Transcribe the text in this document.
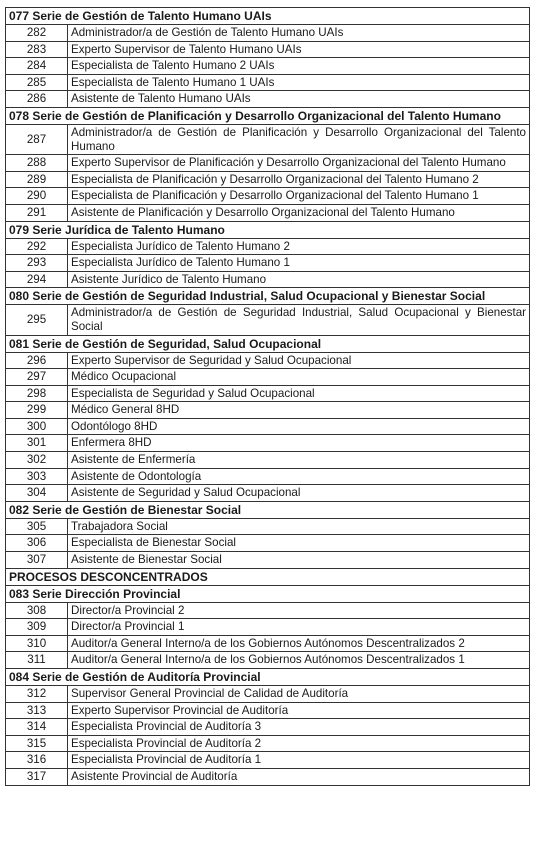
077 Serie de Gestión de Talento Humano UAIs	
282	Administrador/a de Gestión de Talento Humano UAIs
283	Experto Supervisor de Talento Humano UAIs
284	Especialista de Talento Humano 2 UAIs
285	Especialista de Talento Humano 1 UAIs
286	Asistente de Talento Humano UAIs
078 Serie de Gestión de Planificación y Desarrollo Organizacional del Talento Humano	
287	Administrador/a de Gestión de Planificación y Desarrollo Organizacional del Talento Humano
288	Experto Supervisor de Planificación y Desarrollo Organizacional del Talento Humano
289	Especialista de Planificación y Desarrollo Organizacional del Talento Humano 2
290	Especialista de Planificación y Desarrollo Organizacional del Talento Humano 1
291	Asistente de Planificación y Desarrollo Organizacional del Talento Humano
079 Serie Jurídica de Talento Humano	
292	Especialista Jurídico de Talento Humano 2
293	Especialista Jurídico de Talento Humano 1
294	Asistente Jurídico de Talento Humano
080 Serie de Gestión de Seguridad Industrial, Salud Ocupacional y Bienestar Social	
295	Administrador/a de Gestión de Seguridad Industrial, Salud Ocupacional y Bienestar Social
081 Serie de Gestión de Seguridad, Salud Ocupacional	
296	Experto Supervisor de Seguridad y Salud Ocupacional
297	Médico Ocupacional
298	Especialista de Seguridad y Salud Ocupacional
299	Médico General 8HD
300	Odontólogo 8HD
301	Enfermera 8HD
302	Asistente de Enfermería
303	Asistente de Odontología
304	Asistente de Seguridad y Salud Ocupacional
082 Serie de Gestión de Bienestar Social	
305	Trabajadora Social
306	Especialista de Bienestar Social
307	Asistente de Bienestar Social
PROCESOS DESCONCENTRADOS	
083 Serie Dirección Provincial	
308	Director/a Provincial 2
309	Director/a Provincial 1
310	Auditor/a General Interno/a de los Gobiernos Autónomos Descentralizados 2
311	Auditor/a General Interno/a de los Gobiernos Autónomos Descentralizados 1
084 Serie de Gestión de Auditoría Provincial	
312	Supervisor General Provincial de Calidad de Auditoría
313	Experto Supervisor Provincial de Auditoría
314	Especialista Provincial de Auditoría 3
315	Especialista Provincial de Auditoría 2
316	Especialista Provincial de Auditoría 1
317	Asistente Provincial de Auditoría
